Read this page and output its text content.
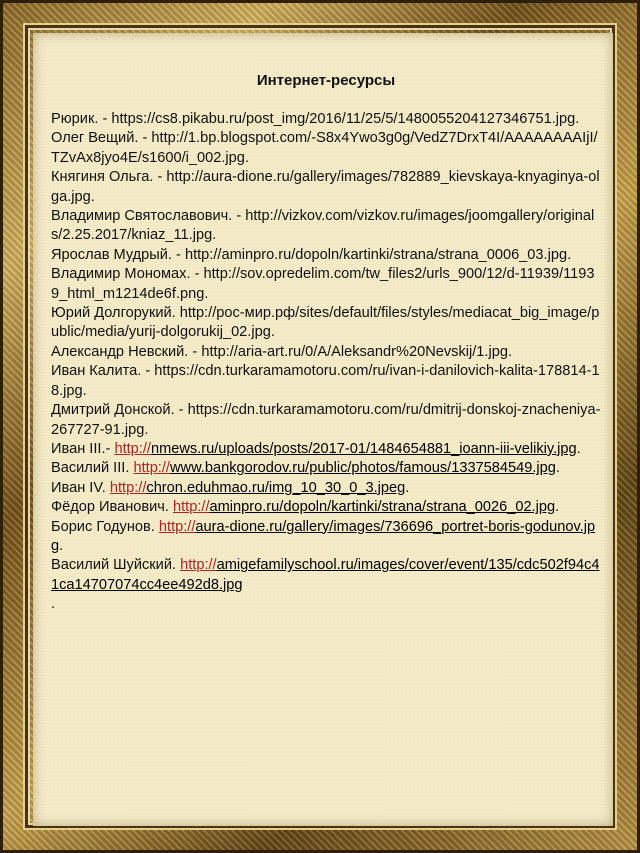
Интернет-ресурсы
Рюрик. - https://cs8.pikabu.ru/post_img/2016/11/25/5/1480055204127346751.jpg.
Олег Вещий. - http://1.bp.blogspot.com/-S8x4Ywo3g0g/VedZ7DrxT4I/AAAAAAAAIjI/TZvAx8jyo4E/s1600/i_002.jpg.
Княгиня Ольга. - http://aura-dione.ru/gallery/images/782889_kievskaya-knyaginya-olga.jpg.
Владимир Святославович. - http://vizkov.com/vizkov.ru/images/joomgallery/originals/2.25.2017/kniaz_11.jpg.
Ярослав Мудрый. - http://aminpro.ru/dopoln/kartinki/strana/strana_0006_03.jpg.
Владимир Мономах. - http://sov.opredelim.com/tw_files2/urls_900/12/d-11939/11939_html_m1214de6f.png.
Юрий Долгорукий. http://рос-мир.рф/sites/default/files/styles/mediacat_big_image/public/media/yurij-dolgorukij_02.jpg.
Александр Невский. - http://aria-art.ru/0/A/Aleksandr%20Nevskij/1.jpg.
Иван Калита. - https://cdn.turkaramamotoru.com/ru/ivan-i-danilovich-kalita-178814-18.jpg.
Дмитрий Донской. - https://cdn.turkaramamotoru.com/ru/dmitrij-donskoj-znacheniya-267727-91.jpg.
Иван III.- http://nmews.ru/uploads/posts/2017-01/1484654881_ioann-iii-velikiy.jpg.
Василий III. http://www.bankgorodov.ru/public/photos/famous/1337584549.jpg.
Иван IV. http://chron.eduhmao.ru/img_10_30_0_3.jpeg.
Фёдор Иванович. http://aminpro.ru/dopoln/kartinki/strana/strana_0026_02.jpg.
Борис Годунов. http://aura-dione.ru/gallery/images/736696_portret-boris-godunov.jpg.
Василий Шуйский. http://amigefamilyschool.ru/images/cover/event/135/cdc502f94c41ca14707074cc4ee492d8.jpg
.
